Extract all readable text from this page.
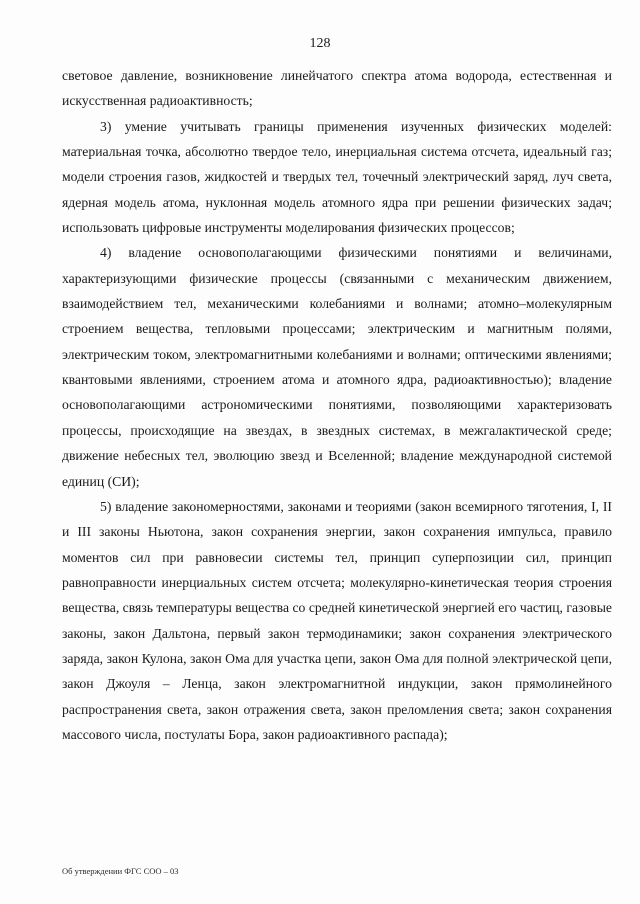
128

световое давление, возникновение линейчатого спектра атома водорода, естественная и искусственная радиоактивность;

3) умение учитывать границы применения изученных физических моделей: материальная точка, абсолютно твердое тело, инерциальная система отсчета, идеальный газ; модели строения газов, жидкостей и твердых тел, точечный электрический заряд, луч света, ядерная модель атома, нуклонная модель атомного ядра при решении физических задач; использовать цифровые инструменты моделирования физических процессов;

4) владение основополагающими физическими понятиями и величинами, характеризующими физические процессы (связанными с механическим движением, взаимодействием тел, механическими колебаниями и волнами; атомно–молекулярным строением вещества, тепловыми процессами; электрическим и магнитным полями, электрическим током, электромагнитными колебаниями и волнами; оптическими явлениями; квантовыми явлениями, строением атома и атомного ядра, радиоактивностью); владение основополагающими астрономическими понятиями, позволяющими характеризовать процессы, происходящие на звездах, в звездных системах, в межгалактической среде; движение небесных тел, эволюцию звезд и Вселенной; владение международной системой единиц (СИ);

5) владение закономерностями, законами и теориями (закон всемирного тяготения, I, II и III законы Ньютона, закон сохранения энергии, закон сохранения импульса, правило моментов сил при равновесии системы тел, принцип суперпозиции сил, принцип равноправности инерциальных систем отсчета; молекулярно-кинетическая теория строения вещества, связь температуры вещества со средней кинетической энергией его частиц, газовые законы, закон Дальтона, первый закон термодинамики; закон сохранения электрического заряда, закон Кулона, закон Ома для участка цепи, закон Ома для полной электрической цепи, закон Джоуля – Ленца, закон электромагнитной индукции, закон прямолинейного распространения света, закон отражения света, закон преломления света; закон сохранения массового числа, постулаты Бора, закон радиоактивного распада);

Об утверждении ФГС СОО – 03
